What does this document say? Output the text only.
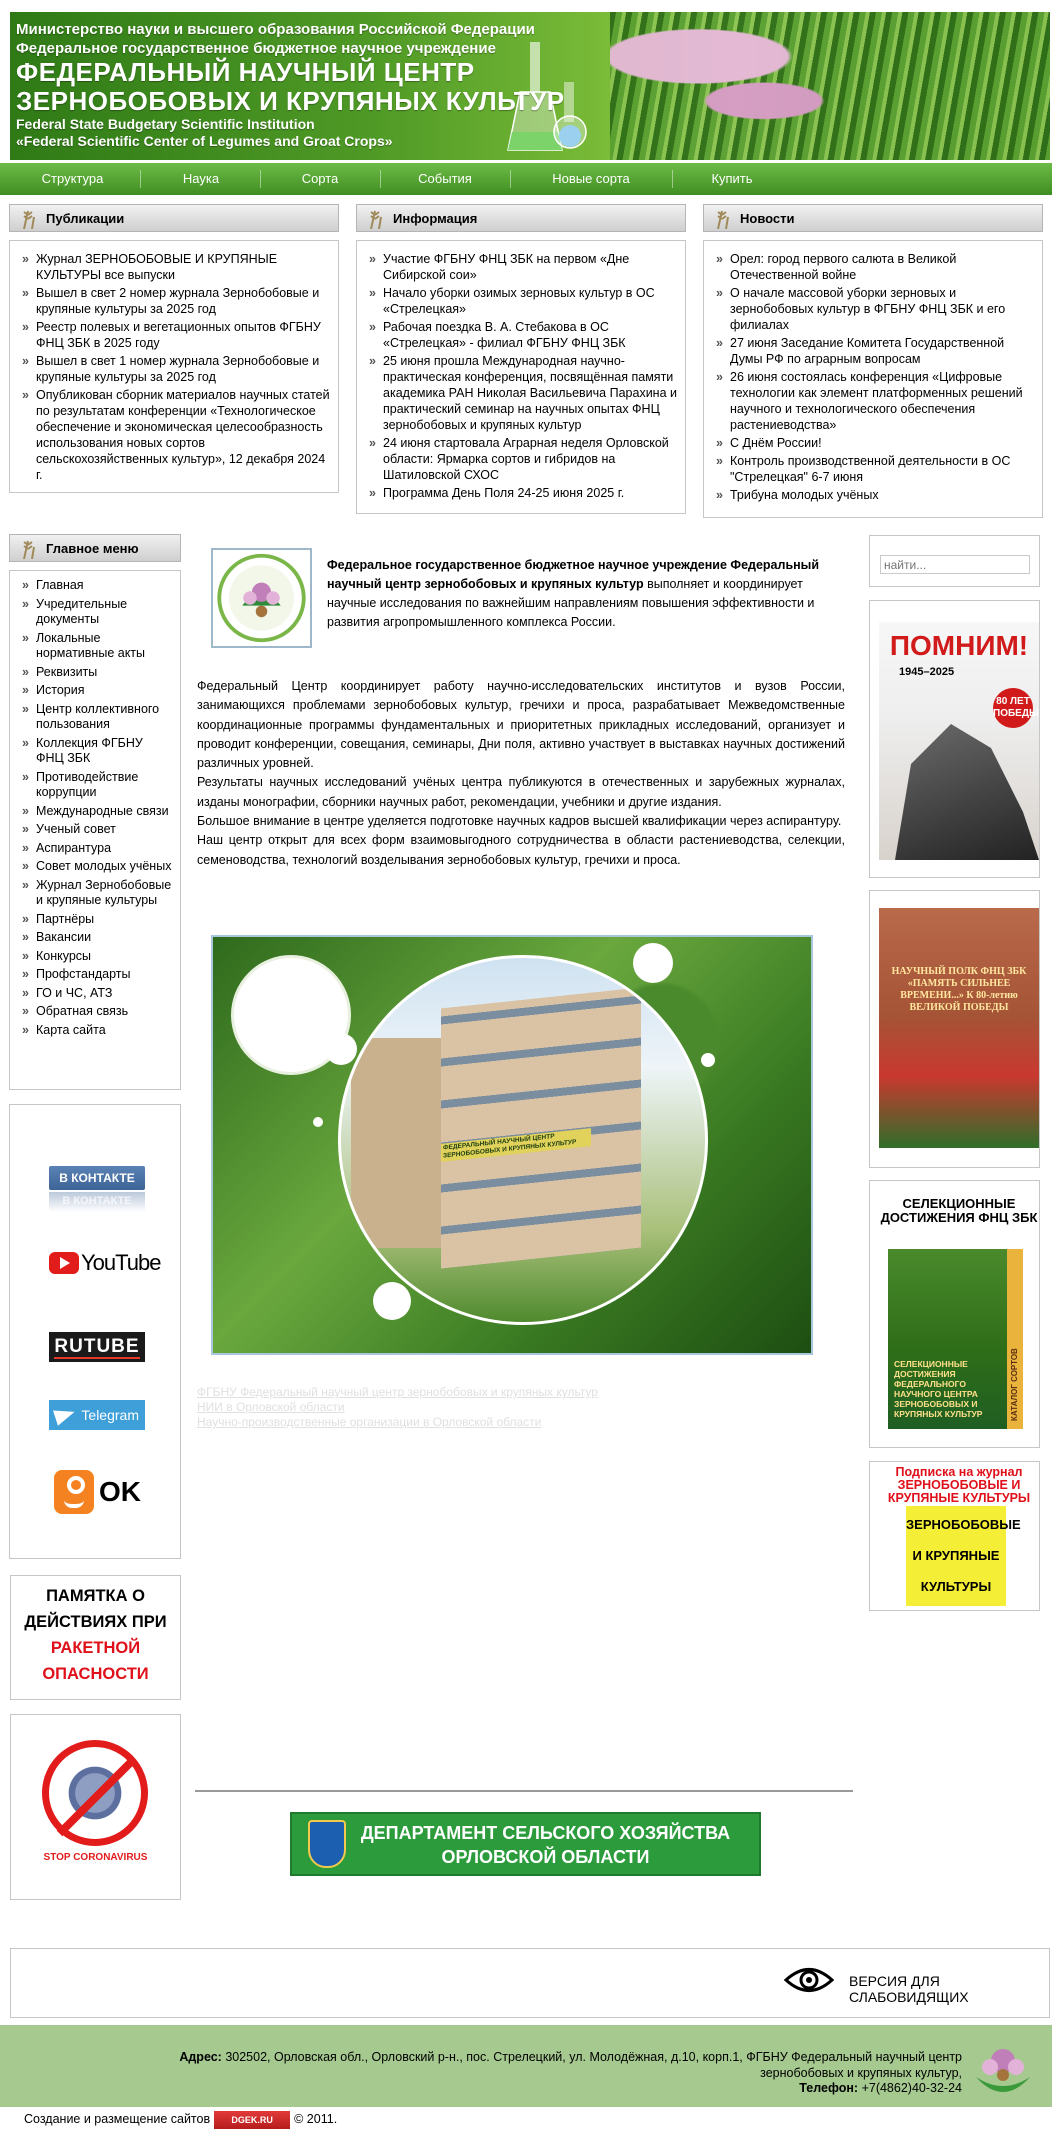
Министерство науки и высшего образования Российской Федерации
Федеральное государственное бюджетное научное учреждение
ФЕДЕРАЛЬНЫЙ НАУЧНЫЙ ЦЕНТР
ЗЕРНОБОБОВЫХ И КРУПЯНЫХ КУЛЬТУР
Federal State Budgetary Scientific Institution
«Federal Scientific Center of Legumes and Groat Crops»
Структура	Наука	Сорта	События	Новые сорта	Купить
Публикации
» Журнал ЗЕРНОБОБОВЫЕ И КРУПЯНЫЕ КУЛЬТУРЫ все выпуски
» Вышел в свет 2 номер журнала Зернобобовые и крупяные культуры за 2025 год
» Реестр полевых и вегетационных опытов ФГБНУ ФНЦ ЗБК в 2025 году
» Вышел в свет 1 номер журнала Зернобобовые и крупяные культуры за 2025 год
» Опубликован сборник материалов научных статей по результатам конференции «Технологическое обеспечение и экономическая целесообразность использования новых сортов сельскохозяйственных культур», 12 декабря 2024 г.
Информация
» Участие ФГБНУ ФНЦ ЗБК на первом «Дне Сибирской сои»
» Начало уборки озимых зерновых культур в ОС «Стрелецкая»
» Рабочая поездка В. А. Стебакова в ОС «Стрелецкая» - филиал ФГБНУ ФНЦ ЗБК
» 25 июня прошла Международная научно-практическая конференция, посвящённая памяти академика РАН Николая Васильевича Парахина и практический семинар на научных опытах ФНЦ зернобобовых и крупяных культур
» 24 июня стартовала Аграрная неделя Орловской области: Ярмарка сортов и гибридов на Шатиловской СХОС
» Программа День Поля 24-25 июня 2025 г.
Новости
» Орел: город первого салюта в Великой Отечественной войне
» О начале массовой уборки зерновых и зернобобовых культур в ФГБНУ ФНЦ ЗБК и его филиалах
» 27 июня Заседание Комитета Государственной Думы РФ по аграрным вопросам
» 26 июня состоялась конференция «Цифровые технологии как элемент платформенных решений научного и технологического обеспечения растениеводства»
» С Днём России!
» Контроль производственной деятельности в ОС "Стрелецкая" 6-7 июня
» Трибуна молодых учёных
Главное меню
» Главная
» Учредительные документы
» Локальные нормативные акты
» Реквизиты
» История
» Центр коллективного пользования
» Коллекция ФГБНУ ФНЦ ЗБК
» Противодействие коррупции
» Международные связи
» Ученый совет
» Аспирантура
» Совет молодых учёных
» Журнал Зернобобовые и крупяные культуры
» Партнёры
» Вакансии
» Конкурсы
» Профстандарты
» ГО и ЧС, АТЗ
» Обратная связь
» Карта сайта
В КОНТАКТЕ
В КОНТАКТЕ
YouTube
RUTUBE
Telegram
OK
ПАМЯТКА О
ДЕЙСТВИЯХ ПРИ
РАКЕТНОЙ
ОПАСНОСТИ
STOP CORONAVIRUS
Федеральное государственное бюджетное научное учреждение Федеральный научный центр зернобобовых и крупяных культур выполняет и координирует научные исследования по важнейшим направлениям повышения эффективности и развития агропромышленного комплекса России.

Федеральный Центр координирует работу научно-исследовательских институтов и вузов России, занимающихся проблемами зернобобовых культур, гречихи и проса, разрабатывает Межведомственные координационные программы фундаментальных и приоритетных прикладных исследований, организует и проводит конференции, совещания, семинары, Дни поля, активно участвует в выставках научных достижений различных уровней.

Результаты научных исследований учёных центра публикуются в отечественных и зарубежных журналах, изданы монографии, сборники научных работ, рекомендации, учебники и другие издания.

Большое внимание в центре уделяется подготовке научных кадров высшей квалификации через аспирантуру.

Наш центр открыт для всех форм взаимовыгодного сотрудничества в области растениеводства, селекции, семеноводства, технологий возделывания зернобобовых культур, гречихи и проса.

ФЕДЕРАЛЬНЫЙ НАУЧНЫЙ ЦЕНТР ЗЕРНОБОБОВЫХ И КРУПЯНЫХ КУЛЬТУР
ФГБНУ Федеральный научный центр зернобобовых и крупяных культур
НИИ в Орловской области
Научно-производственные организации в Орловской области
ДЕПАРТАМЕНТ СЕЛЬСКОГО ХОЗЯЙСТВА
ОРЛОВСКОЙ ОБЛАСТИ
найти...
ПОМНИМ!
1945–2025
80 ЛЕТ ПОБЕДЫ
НАУЧНЫЙ ПОЛК ФНЦ ЗБК «ПАМЯТЬ СИЛЬНЕЕ ВРЕМЕНИ...» К 80-летию ВЕЛИКОЙ ПОБЕДЫ
СЕЛЕКЦИОННЫЕ ДОСТИЖЕНИЯ ФНЦ ЗБК
СЕЛЕКЦИОННЫЕ ДОСТИЖЕНИЯ ФЕДЕРАЛЬНОГО НАУЧНОГО ЦЕНТРА ЗЕРНОБОБОВЫХ И КРУПЯНЫХ КУЛЬТУР	КАТАЛОГ СОРТОВ
Подписка на журнал ЗЕРНОБОБОВЫЕ И КРУПЯНЫЕ КУЛЬТУРЫ
ЗЕРНОБОБОВЫЕ
И КРУПЯНЫЕ
КУЛЬТУРЫ
ВЕРСИЯ ДЛЯ СЛАБОВИДЯЩИХ
Адрес: 302502, Орловская обл., Орловский р-н., пос. Стрелецкий, ул. Молодёжная, д.10, корп.1, ФГБНУ Федеральный научный центр зернобобовых и крупяных культур,
Телефон: +7(4862)40-32-24
Создание и размещение сайтов DGEK.RU © 2011.
